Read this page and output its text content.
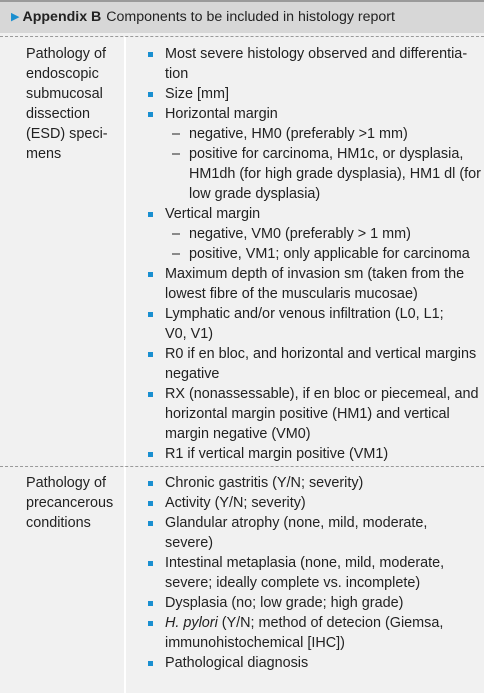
▶ Appendix B Components to be included in histology report
Pathology of
endoscopic
submucosal
dissection
(ESD) speci-
mens
Most severe histology observed and differentia-
tion
Size [mm]
Horizontal margin
– negative, HM0 (preferably >1 mm)
– positive for carcinoma, HM1c, or dysplasia,
HM1dh (for high grade dysplasia), HM1 dl (for
low grade dysplasia)
Vertical margin
– negative, VM0 (preferably > 1 mm)
– positive, VM1; only applicable for carcinoma
Maximum depth of invasion sm (taken from the
lowest fibre of the muscularis mucosae)
Lymphatic and/or venous infiltration (L0, L1;
V0, V1)
R0 if en bloc, and horizontal and vertical margins
negative
RX (nonassessable), if en bloc or piecemeal, and
horizontal margin positive (HM1) and vertical
margin negative (VM0)
R1 if vertical margin positive (VM1)
Pathology of
precancerous
conditions
Chronic gastritis (Y/N; severity)
Activity (Y/N; severity)
Glandular atrophy (none, mild, moderate,
severe)
Intestinal metaplasia (none, mild, moderate,
severe; ideally complete vs. incomplete)
Dysplasia (no; low grade; high grade)
H. pylori (Y/N; method of detecion (Giemsa,
immunohistochemical [IHC])
Pathological diagnosis
